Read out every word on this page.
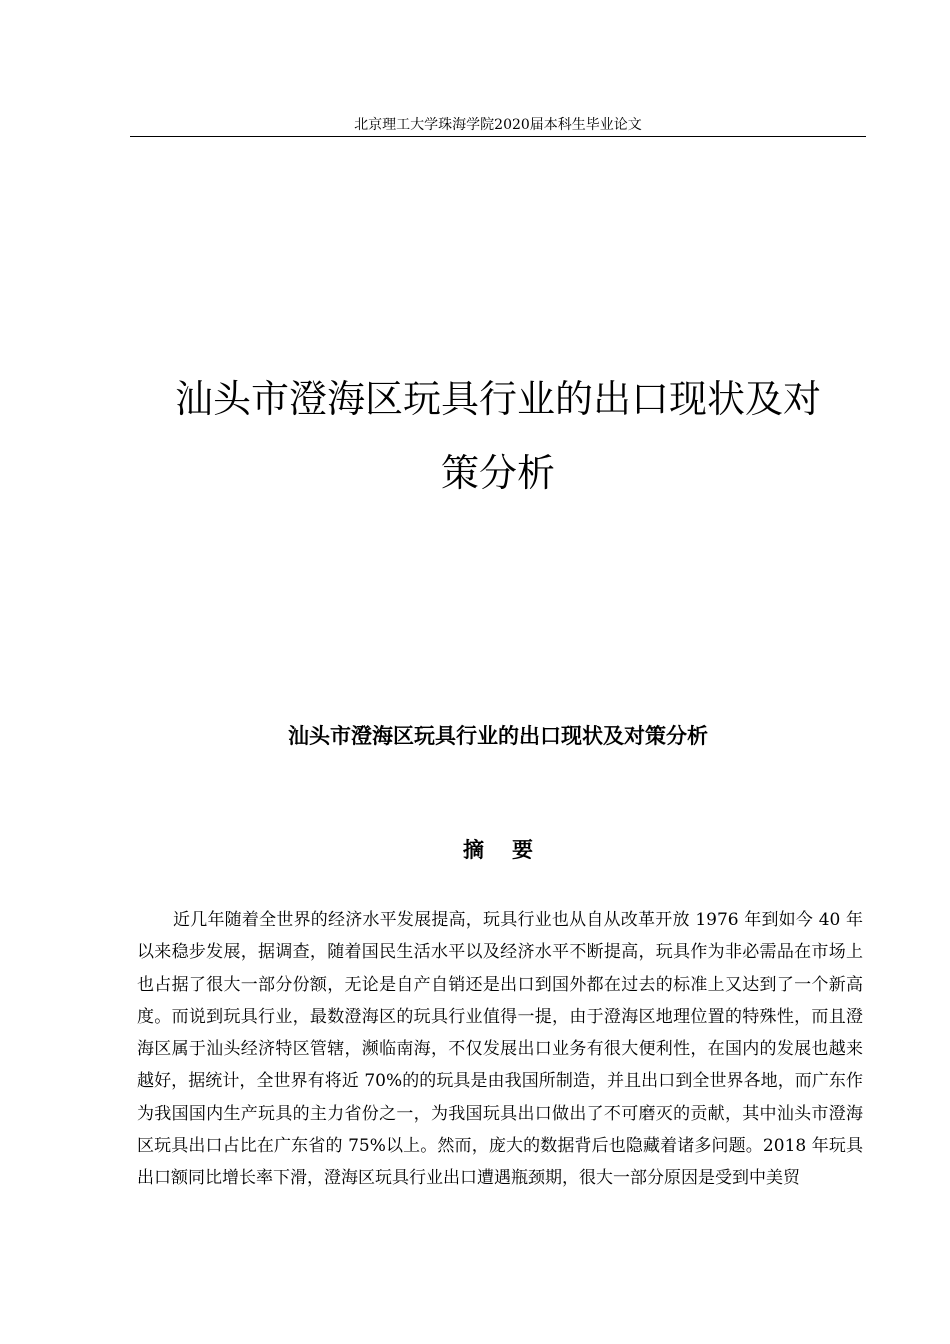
北京理工大学珠海学院2020届本科生毕业论文
汕头市澄海区玩具行业的出口现状及对
策分析
汕头市澄海区玩具行业的出口现状及对策分析
摘要

近几年随着全世界的经济水平发展提高，玩具行业也从自从改革开放 1976 年到如今 40 年以来稳步发展，据调查，随着国民生活水平以及经济水平不断提高，玩具作为非必需品在市场上也占据了很大一部分份额，无论是自产自销还是出口到国外都在过去的标准上又达到了一个新高度。而说到玩具行业，最数澄海区的玩具行业值得一提，由于澄海区地理位置的特殊性，而且澄海区属于汕头经济特区管辖，濒临南海，不仅发展出口业务有很大便利性，在国内的发展也越来越好，据统计，全世界有将近 70%的的玩具是由我国所制造，并且出口到全世界各地，而广东作为我国国内生产玩具的主力省份之一，为我国玩具出口做出了不可磨灭的贡献，其中汕头市澄海区玩具出口占比在广东省的 75%以上。然而，庞大的数据背后也隐藏着诸多问题。2018 年玩具出口额同比增长率下滑，澄海区玩具行业出口遭遇瓶颈期，很大一部分原因是受到中美贸
